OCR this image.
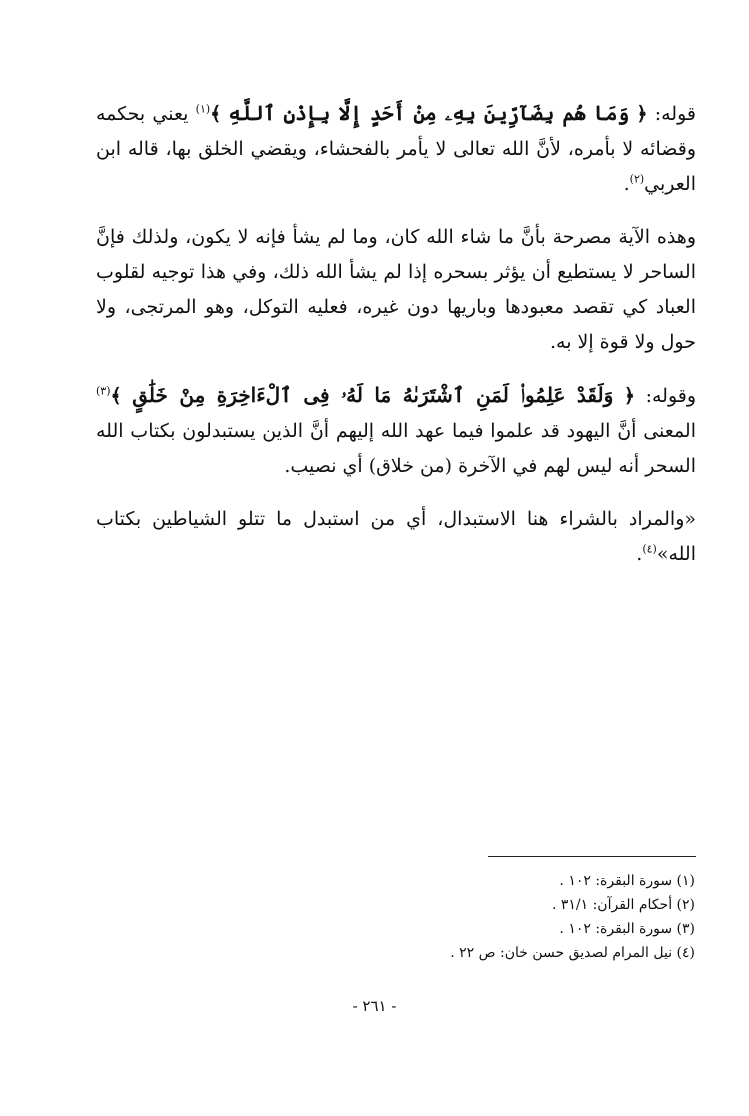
قوله: ﴿ وَمَا هُم بِضَآرِّينَ بِهِۦ مِنْ أَحَدٍ إِلَّا بِإِذْنِ ٱللَّهِ ﴾$^{(١)}$ يعني بحكمه وقضائه لا بأمره، لأنَّ الله تعالى لا يأمر بالفحشاء، ويقضي الخلق بها، قاله ابن العربي$^{(٢)}$.

وهذه الآية مصرحة بأنَّ ما شاء الله كان، وما لم يشأ فإنه لا يكون، ولذلك فإنَّ الساحر لا يستطيع أن يؤثر بسحره إذا لم يشأ الله ذلك، وفي هذا توجيه لقلوب العباد كي تقصد معبودها وباريها دون غيره، فعليه التوكل، وهو المرتجى، ولا حول ولا قوة إلا به.

وقوله: ﴿ وَلَقَدْ عَلِمُوا۟ لَمَنِ ٱشْتَرَىٰهُ مَا لَهُۥ فِى ٱلْءَاخِرَةِ مِنْ خَلَٰقٍ ﴾$^{(٣)}$ المعنى أنَّ اليهود قد علموا فيما عهد الله إليهم أنَّ الذين يستبدلون بكتاب الله السحر أنه ليس لهم في الآخرة (من خلاق) أي نصيب.

«والمراد بالشراء هنا الاستبدال، أي من استبدل ما تتلو الشياطين بكتاب الله»$^{(٤)}$.

(١) سورة البقرة: ١٠٢ .
(٢) أحكام القرآن: ٣١/١ .
(٣) سورة البقرة: ١٠٢ .
(٤) نيل المرام لصديق حسن خان: ص ٢٢ .
- ٢٦١ -
